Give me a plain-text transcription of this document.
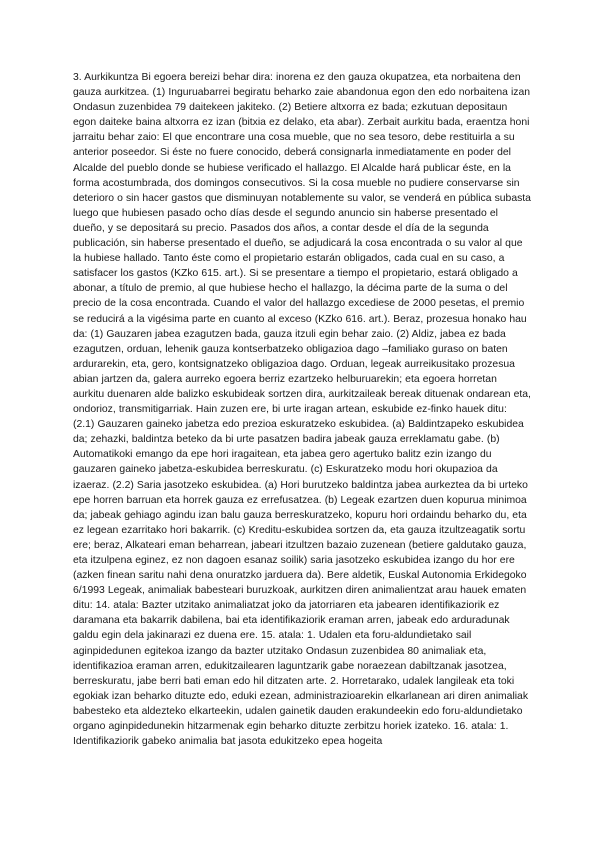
3. Aurkikuntza Bi egoera bereizi behar dira: inorena ez den gauza okupatzea, eta norbaitena den gauza aurkitzea. (1) Inguruabarrei begiratu beharko zaie abandonua egon den edo norbaitena izan Ondasun zuzenbidea 79 daitekeen jakiteko. (2) Betiere altxorra ez bada; ezkutuan depositaun egon daiteke baina altxorra ez izan (bitxia ez delako, eta abar). Zerbait aurkitu bada, eraentza honi jarraitu behar zaio: El que encontrare una cosa mueble, que no sea tesoro, debe restituirla a su anterior poseedor. Si éste no fuere conocido, deberá consignarla inmediatamente en poder del Alcalde del pueblo donde se hubiese verificado el hallazgo. El Alcalde hará publicar éste, en la forma acostumbrada, dos domingos consecutivos. Si la cosa mueble no pudiere conservarse sin deterioro o sin hacer gastos que disminuyan notablemente su valor, se venderá en pública subasta luego que hubiesen pasado ocho días desde el segundo anuncio sin haberse presentado el dueño, y se depositará su precio. Pasados dos años, a contar desde el día de la segunda publicación, sin haberse presentado el dueño, se adjudicará la cosa encontrada o su valor al que la hubiese hallado. Tanto éste como el propietario estarán obligados, cada cual en su caso, a satisfacer los gastos (KZko 615. art.). Si se presentare a tiempo el propietario, estará obligado a abonar, a título de premio, al que hubiese hecho el hallazgo, la décima parte de la suma o del precio de la cosa encontrada. Cuando el valor del hallazgo excediese de 2000 pesetas, el premio se reducirá a la vigésima parte en cuanto al exceso (KZko 616. art.). Beraz, prozesua honako hau da: (1) Gauzaren jabea ezagutzen bada, gauza itzuli egin behar zaio. (2) Aldiz, jabea ez bada ezagutzen, orduan, lehenik gauza kontserbatzeko obligazioa dago –familiako guraso on baten ardurarekin, eta, gero, kontsignatzeko obligazioa dago. Orduan, legeak aurreikusitako prozesua abian jartzen da, galera aurreko egoera berriz ezartzeko helburuarekin; eta egoera horretan aurkitu duenaren alde balizko eskubideak sortzen dira, aurkitzaileak bereak dituenak ondarean eta, ondorioz, transmitigarriak. Hain zuzen ere, bi urte iragan artean, eskubide ez-finko hauek ditu: (2.1) Gauzaren gaineko jabetza edo prezioa eskuratzeko eskubidea. (a) Baldintzapeko eskubidea da; zehazki, baldintza beteko da bi urte pasatzen badira jabeak gauza erreklamatu gabe. (b) Automatikoki emango da epe hori iragaitean, eta jabea gero agertuko balitz ezin izango du gauzaren gaineko jabetza-eskubidea berreskuratu. (c) Eskuratzeko modu hori okupazioa da izaeraz. (2.2) Saria jasotzeko eskubidea. (a) Hori burutzeko baldintza jabea aurkeztea da bi urteko epe horren barruan eta horrek gauza ez errefusatzea. (b) Legeak ezartzen duen kopurua minimoa da; jabeak gehiago agindu izan balu gauza berreskuratzeko, kopuru hori ordaindu beharko du, eta ez legean ezarritako hori bakarrik. (c) Kreditu-eskubidea sortzen da, eta gauza itzultzeagatik sortu ere; beraz, Alkateari eman beharrean, jabeari itzultzen bazaio zuzenean (betiere galdutako gauza, eta itzulpena eginez, ez non dagoen esanaz soilik) saria jasotzeko eskubidea izango du hor ere (azken finean saritu nahi dena onuratzko jarduera da). Bere aldetik, Euskal Autonomia Erkidegoko 6/1993 Legeak, animaliak babesteari buruzkoak, aurkitzen diren animalientzat arau hauek ematen ditu: 14. atala: Bazter utzitako animaliatzat joko da jatorriaren eta jabearen identifikaziorik ez daramana eta bakarrik dabilena, bai eta identifikaziorik eraman arren, jabeak edo arduradunak galdu egin dela jakinarazi ez duena ere. 15. atala: 1. Udalen eta foru-aldundietako sail aginpidedunen egitekoa izango da bazter utzitako Ondasun zuzenbidea 80 animaliak eta, identifikazioa eraman arren, edukitzailearen laguntzarik gabe noraezean dabiltzanak jasotzea, berreskuratu, jabe berri bati eman edo hil ditzaten arte. 2. Horretarako, udalek langileak eta toki egokiak izan beharko dituzte edo, eduki ezean, administrazioarekin elkarlanean ari diren animaliak babesteko eta aldezteko elkarteekin, udalen gainetik dauden erakundeekin edo foru-aldundietako organo aginpidedunekin hitzarmenak egin beharko dituzte zerbitzu horiek izateko. 16. atala: 1. Identifikaziorik gabeko animalia bat jasota edukitzeko epea hogeita
